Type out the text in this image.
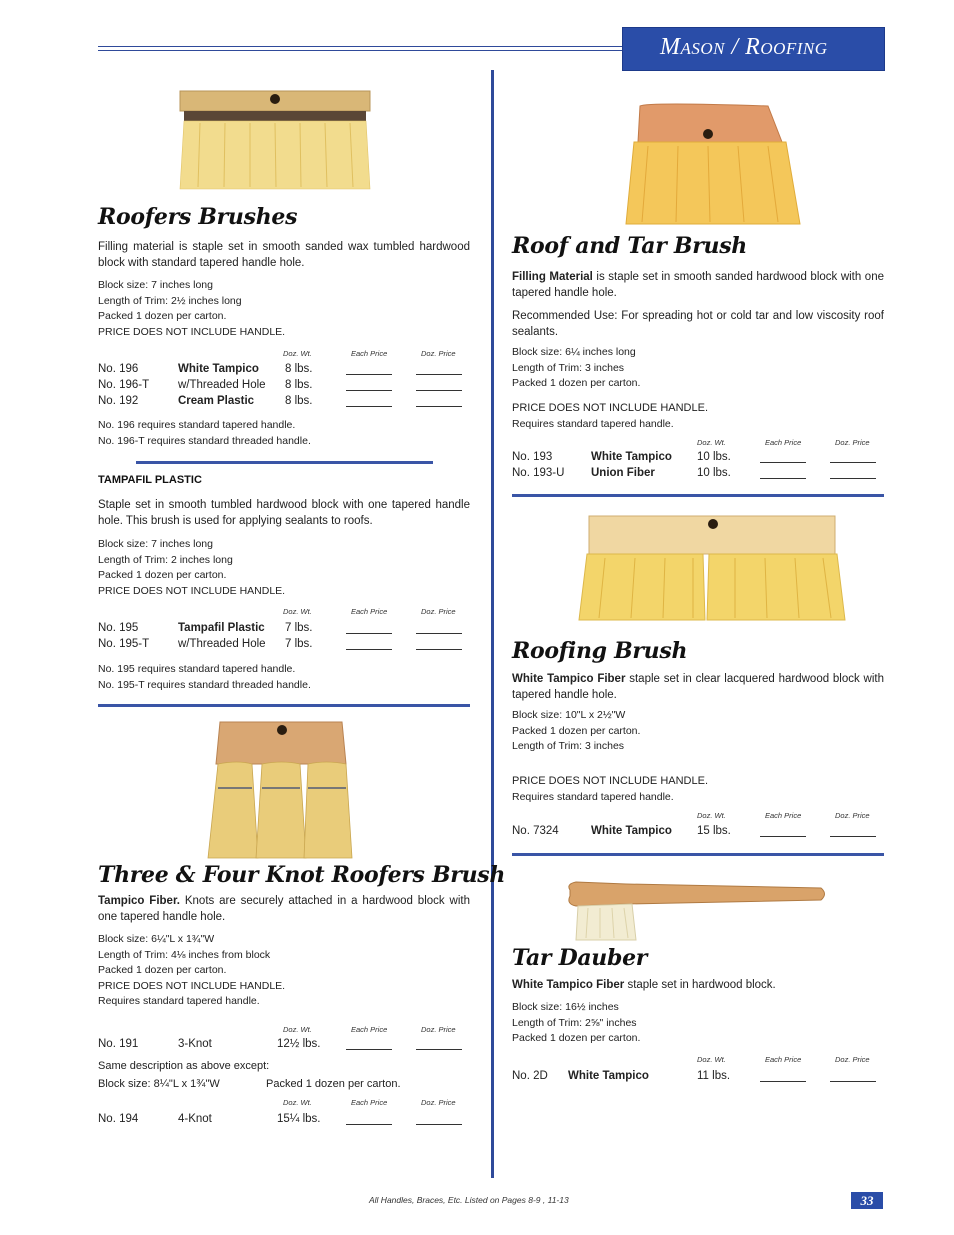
Mason / Roofing
Roofers Brushes
Filling material is staple set in smooth sanded wax tumbled hardwood block with standard tapered handle hole.
Block size: 7 inches long
Length of Trim: 2½ inches long
Packed 1 dozen per carton.
PRICE DOES NOT INCLUDE HANDLE.
Doz. Wt.	Each Price	Doz. Price
No. 196	White Tampico 8 lbs.
No. 196-T	w/Threaded Hole 8 lbs.
No. 192	Cream Plastic	8 lbs.
No. 196 requires standard tapered handle.
No. 196-T requires standard threaded handle.
TAMPAFIL PLASTIC
Staple set in smooth tumbled hardwood block with one tapered handle hole. This brush is used for applying sealants to roofs.
Block size: 7 inches long
Length of Trim: 2 inches long
Packed 1 dozen per carton.
PRICE DOES NOT INCLUDE HANDLE.
Doz. Wt.	Each Price	Doz. Price
No. 195	Tampafil Plastic 7 lbs.
No. 195-T	w/Threaded Hole 7 lbs.
No. 195 requires standard tapered handle.
No. 195-T requires standard threaded handle.
Three & Four Knot Roofers Brush
Tampico Fiber. Knots are securely attached in a hardwood block with one tapered handle hole.
Block size: 6¼"L x 1¾"W
Length of Trim: 4⅛ inches from block
Packed 1 dozen per carton.
PRICE DOES NOT INCLUDE HANDLE.
Requires standard tapered handle.
Doz. Wt.	Each Price	Doz. Price
No. 191	3-Knot	12½ lbs.
Same description as above except:
Block size: 8¼"L x 1¾"W	Packed 1 dozen per carton.
Doz. Wt.	Each Price	Doz. Price
No. 194	4-Knot	15¼ lbs.
Roof and Tar Brush
Filling Material is staple set in smooth sanded hardwood block with one tapered handle hole.
Recommended Use: For spreading hot or cold tar and low viscosity roof sealants.
Block size: 6¼ inches long
Length of Trim: 3 inches
Packed 1 dozen per carton.
PRICE DOES NOT INCLUDE HANDLE.
Requires standard tapered handle.
Doz. Wt.	Each Price	Doz. Price
No. 193	White Tampico 10 lbs.
No. 193-U Union Fiber	10 lbs.
Roofing Brush
White Tampico Fiber staple set in clear lacquered hardwood block with tapered handle hole.
Block size: 10"L x 2½"W
Packed 1 dozen per carton.
Length of Trim: 3 inches
PRICE DOES NOT INCLUDE HANDLE.
Requires standard tapered handle.
Doz. Wt.	Each Price	Doz. Price
No. 7324	White Tampico 15 lbs.
Tar Dauber
White Tampico Fiber staple set in hardwood block.
Block size: 16½ inches
Length of Trim: 2⅝" inches
Packed 1 dozen per carton.
Doz. Wt.	Each Price	Doz. Price
No. 2D White Tampico	11 lbs.
All Handles, Braces, Etc. Listed on Pages 8-9 , 11-13	33
